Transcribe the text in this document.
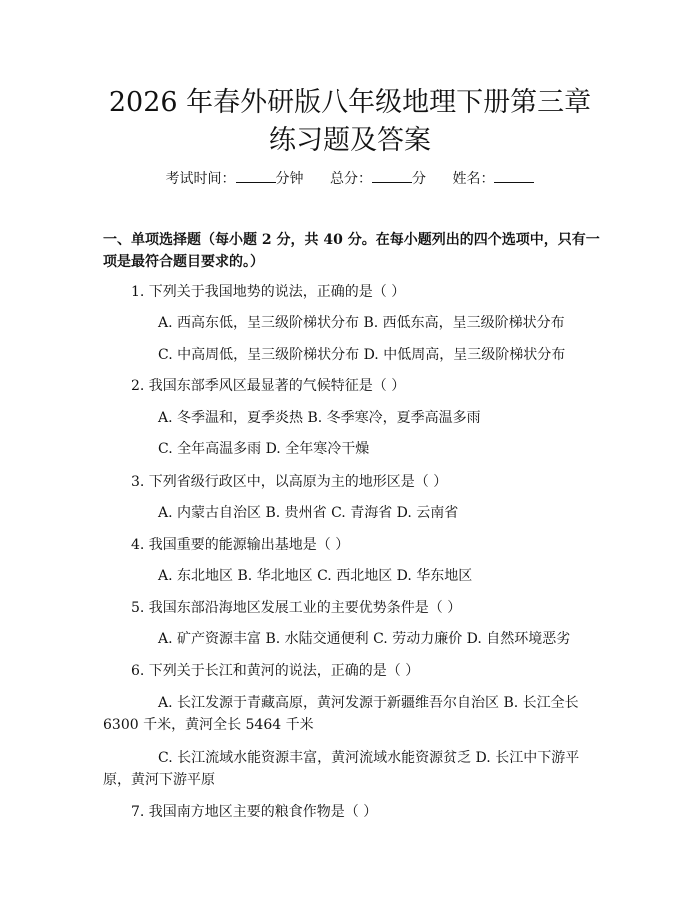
2026 年春外研版八年级地理下册第三章练习题及答案
考试时间：	分钟 总分：	分 姓名：

一、单项选择题（每小题 2 分，共 40 分。在每小题列出的四个选项中，只有一项是最符合题目要求的。）

1. 下列关于我国地势的说法，正确的是（ ）

A. 西高东低，呈三级阶梯状分布 B. 西低东高，呈三级阶梯状分布

C. 中高周低，呈三级阶梯状分布 D. 中低周高，呈三级阶梯状分布

2. 我国东部季风区最显著的气候特征是（ ）

A. 冬季温和，夏季炎热 B. 冬季寒冷，夏季高温多雨

C. 全年高温多雨 D. 全年寒冷干燥

3. 下列省级行政区中，以高原为主的地形区是（ ）

A. 内蒙古自治区 B. 贵州省 C. 青海省 D. 云南省

4. 我国重要的能源输出基地是（ ）

A. 东北地区 B. 华北地区 C. 西北地区 D. 华东地区

5. 我国东部沿海地区发展工业的主要优势条件是（ ）

A. 矿产资源丰富 B. 水陆交通便利 C. 劳动力廉价 D. 自然环境恶劣

6. 下列关于长江和黄河的说法，正确的是（ ）

A. 长江发源于青藏高原，黄河发源于新疆维吾尔自治区 B. 长江全长 6300 千米，黄河全长 5464 千米

C. 长江流域水能资源丰富，黄河流域水能资源贫乏 D. 长江中下游平原，黄河下游平原

7. 我国南方地区主要的粮食作物是（ ）
